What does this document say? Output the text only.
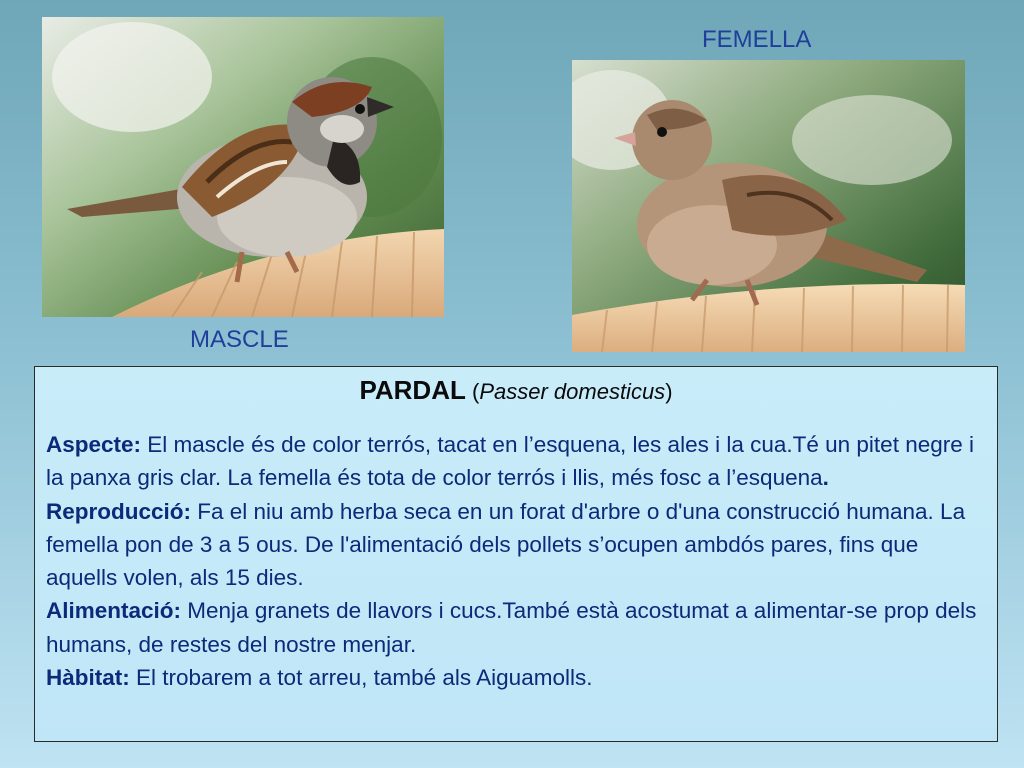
FEMELLA
MASCLE
PARDAL (Passer domesticus)

Aspecte: El mascle és de color terrós, tacat en l’esquena, les ales i la cua.Té un pitet negre i la panxa gris clar. La femella és tota de color terrós i llis, més fosc a l’esquena.

Reproducció: Fa el niu amb herba seca en un forat d'arbre o d'una construcció humana. La femella pon de 3 a 5 ous. De l'alimentació dels pollets s’ocupen ambdós pares, fins que aquells volen, als 15 dies.

Alimentació: Menja granets de llavors i cucs.També està acostumat a alimentar-se prop dels humans, de restes del nostre menjar.

Hàbitat: El trobarem a tot arreu, també als Aiguamolls.
